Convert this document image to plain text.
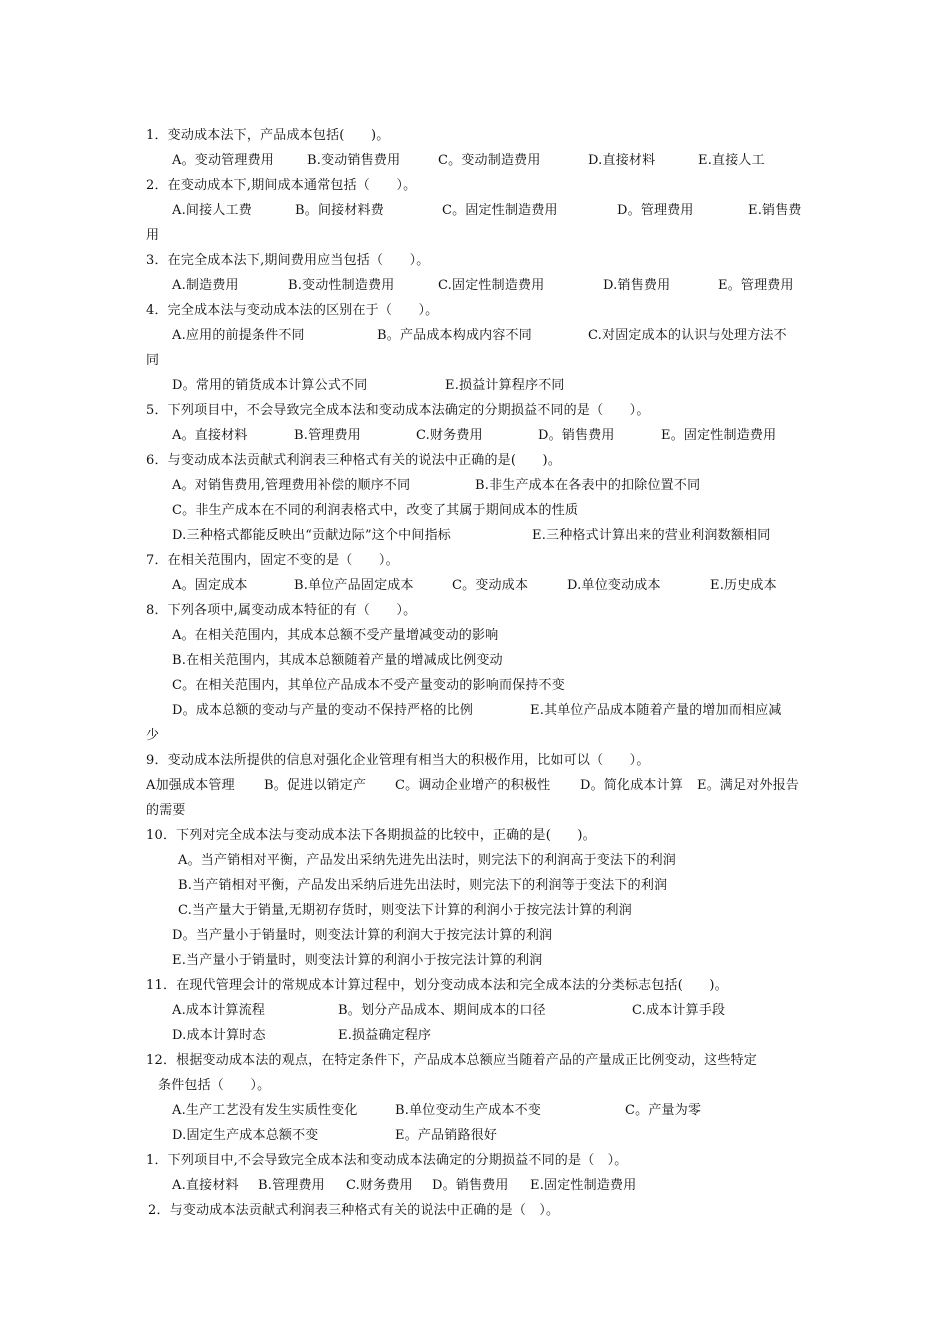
1．变动成本法下，产品成本包括(　　)。
A。变动管理费用	B.变动销售费用	C。变动制造费用	D.直接材料	E.直接人工
2．在变动成本下,期间成本通常包括（　　）。
A.间接人工费	B。间接材料费	C。固定性制造费用	D。管理费用	E.销售费
用
3．在完全成本法下,期间费用应当包括（　　）。
A.制造费用	B.变动性制造费用	C.固定性制造费用	D.销售费用	E。管理费用
4．完全成本法与变动成本法的区别在于（　　）。
A.应用的前提条件不同	B。产品成本构成内容不同	C.对固定成本的认识与处理方法不
同
D。常用的销货成本计算公式不同	E.损益计算程序不同
5．下列项目中，不会导致完全成本法和变动成本法确定的分期损益不同的是（　　）。
A。直接材料	B.管理费用	C.财务费用	D。销售费用	E。固定性制造费用
6．与变动成本法贡献式利润表三种格式有关的说法中正确的是(　　)。
A。对销售费用,管理费用补偿的顺序不同	B.非生产成本在各表中的扣除位置不同
C。非生产成本在不同的利润表格式中，改变了其属于期间成本的性质
D.三种格式都能反映出“贡献边际”这个中间指标	E.三种格式计算出来的营业利润数额相同
7．在相关范围内，固定不变的是（　　）。
A。固定成本	B.单位产品固定成本	C。变动成本	D.单位变动成本	E.历史成本
8．下列各项中,属变动成本特征的有（　　）。
A。在相关范围内，其成本总额不受产量增减变动的影响
B.在相关范围内，其成本总额随着产量的增减成比例变动
C。在相关范围内，其单位产品成本不受产量变动的影响而保持不变
D。成本总额的变动与产量的变动不保持严格的比例	E.其单位产品成本随着产量的增加而相应减
少
9．变动成本法所提供的信息对强化企业管理有相当大的积极作用，比如可以（　　）。
A加强成本管理 B。促进以销定产 C。调动企业增产的积极性 D。简化成本计算 E。满足对外报告
的需要
10．下列对完全成本法与变动成本法下各期损益的比较中，正确的是(　　)。
A。当产销相对平衡，产品发出采纳先进先出法时，则完法下的利润高于变法下的利润
B.当产销相对平衡，产品发出采纳后进先出法时，则完法下的利润等于变法下的利润
C.当产量大于销量,无期初存货时，则变法下计算的利润小于按完法计算的利润
D。当产量小于销量时，则变法计算的利润大于按完法计算的利润
E.当产量小于销量时，则变法计算的利润小于按完法计算的利润
11．在现代管理会计的常规成本计算过程中，划分变动成本法和完全成本法的分类标志包括(　　)。
A.成本计算流程	B。划分产品成本、期间成本的口径	C.成本计算手段
D.成本计算时态	E.损益确定程序
12．根据变动成本法的观点，在特定条件下，产品成本总额应当随着产品的产量成正比例变动，这些特定
条件包括（　　）。
A.生产工艺没有发生实质性变化	B.单位变动生产成本不变	C。产量为零
D.固定生产成本总额不变	E。产品销路很好
1．下列项目中,不会导致完全成本法和变动成本法确定的分期损益不同的是（　）。
A.直接材料 B.管理费用 C.财务费用 D。销售费用 E.固定性制造费用
2．与变动成本法贡献式利润表三种格式有关的说法中正确的是（　）。
